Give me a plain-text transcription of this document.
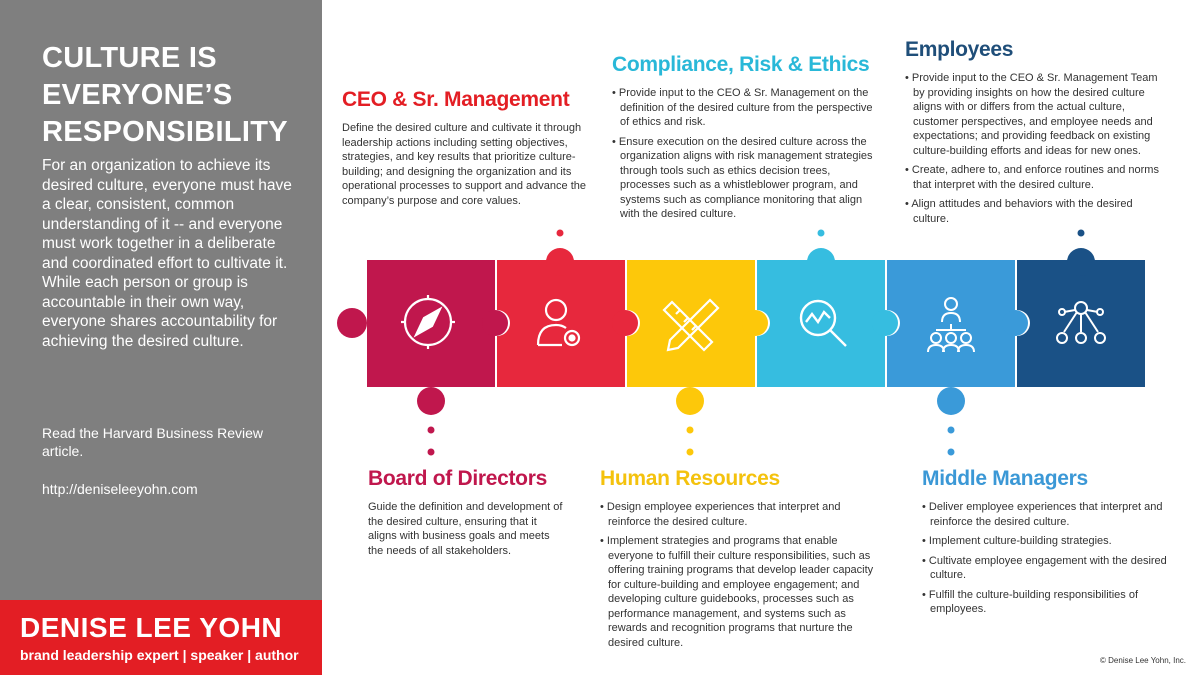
CULTURE IS EVERYONE’S RESPONSIBILITY
For an organization to achieve its desired culture, everyone must have a clear, consistent, common understanding of it -- and everyone must work together in a deliberate and coordinated effort to cultivate it. While each person or group is accountable in their own way, everyone shares accountability for achieving the desired culture.
Read the Harvard Business Review article.
http://deniseleeyohn.com
DENISE LEE YOHN
brand leadership expert | speaker | author
CEO & Sr. Management

Define the desired culture and cultivate it through leadership actions including setting objectives, strategies, and key results that prioritize culture-building; and designing the organization and its operational processes to support and advance the company’s purpose and core values.

Compliance, Risk & Ethics
• Provide input to the CEO & Sr. Management on the definition of the desired culture from the perspective of ethics and risk.
• Ensure execution on the desired culture across the organization aligns with risk management strategies through tools such as ethics decision trees, processes such as a whistleblower program, and systems such as compliance monitoring that align with the desired culture.
Employees
• Provide input to the CEO & Sr. Management Team by providing insights on how the desired culture aligns with or differs from the actual culture, customer perspectives, and employee needs and expectations; and providing feedback on existing culture-building efforts and ideas for new ones.
• Create, adhere to, and enforce routines and norms that interpret with the desired culture.
• Align attitudes and behaviors with the desired culture.
Board of Directors

Guide the definition and development of the desired culture, ensuring that it aligns with business goals and meets the needs of all stakeholders.

Human Resources
• Design employee experiences that interpret and reinforce the desired culture.
• Implement strategies and programs that enable everyone to fulfill their culture responsibilities, such as offering training programs that develop leader capacity for culture-building and employee engagement; and developing culture guidebooks, processes such as performance management, and systems such as rewards and recognition programs that nurture the desired culture.
Middle Managers
• Deliver employee experiences that interpret and reinforce the desired culture.
• Implement culture-building strategies.
• Cultivate employee engagement with the desired culture.
• Fulfill the culture-building responsibilities of employees.
© Denise Lee Yohn, Inc.
